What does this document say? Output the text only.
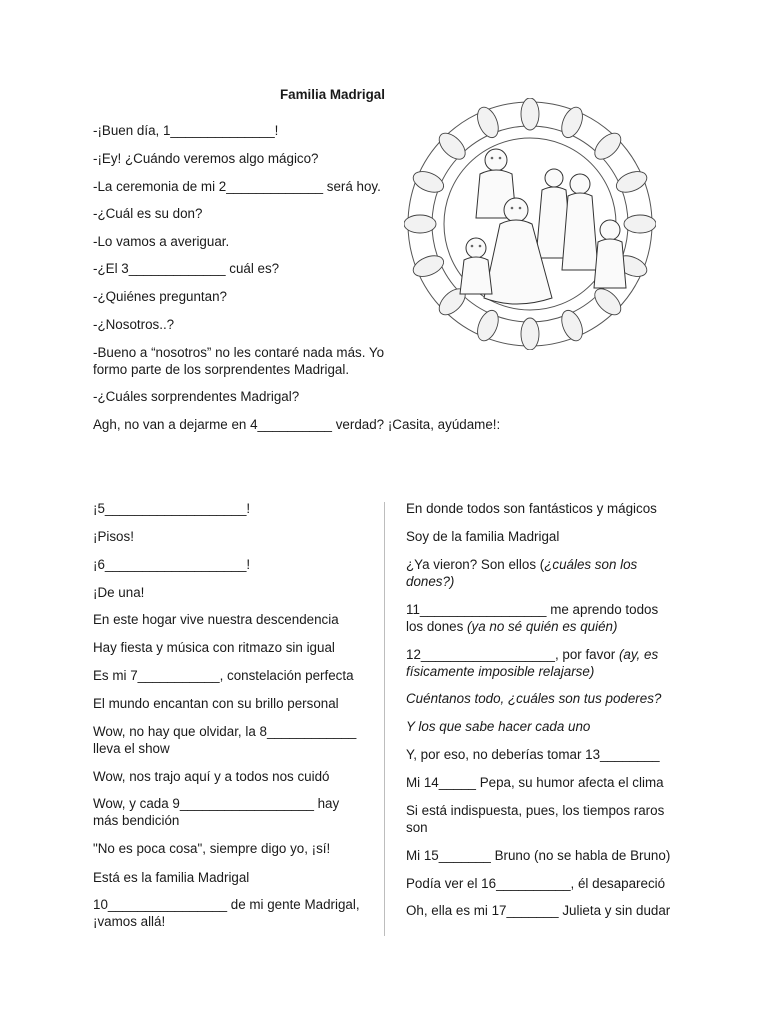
Familia Madrigal
-¡Buen día, 1______________!
-¡Ey! ¿Cuándo veremos algo mágico?
-La ceremonia de mi 2_____________ será hoy.
-¿Cuál es su don?
-Lo vamos a averiguar.
-¿El 3_____________ cuál es?
-¿Quiénes preguntan?
-¿Nosotros..?
-Bueno a “nosotros” no les contaré nada más. Yo formo parte de los sorprendentes Madrigal.
-¿Cuáles sorprendentes Madrigal?
Agh, no van a dejarme en 4__________ verdad? ¡Casita, ayúdame!:
¡5___________________!
¡Pisos!
¡6___________________!
¡De una!
En este hogar vive nuestra descendencia
Hay fiesta y música con ritmazo sin igual
Es mi 7___________, constelación perfecta
El mundo encantan con su brillo personal
Wow, no hay que olvidar, la 8____________ lleva el show
Wow, nos trajo aquí y a todos nos cuidó
Wow, y cada 9__________________ hay más bendición
"No es poca cosa", siempre digo yo, ¡sí!
Está es la familia Madrigal
10________________ de mi gente Madrigal, ¡vamos allá!
En donde todos son fantásticos y mágicos
Soy de la familia Madrigal
¿Ya vieron? Son ellos (¿cuáles son los dones?)
11_________________ me aprendo todos los dones (ya no sé quién es quién)
12__________________, por favor (ay, es físicamente imposible relajarse)
Cuéntanos todo, ¿cuáles son tus poderes?
Y los que sabe hacer cada uno
Y, por eso, no deberías tomar 13________
Mi 14_____ Pepa, su humor afecta el clima
Si está indispuesta, pues, los tiempos raros son
Mi 15_______ Bruno (no se habla de Bruno)
Podía ver el 16__________, él desapareció
Oh, ella es mi 17_______ Julieta y sin dudar
